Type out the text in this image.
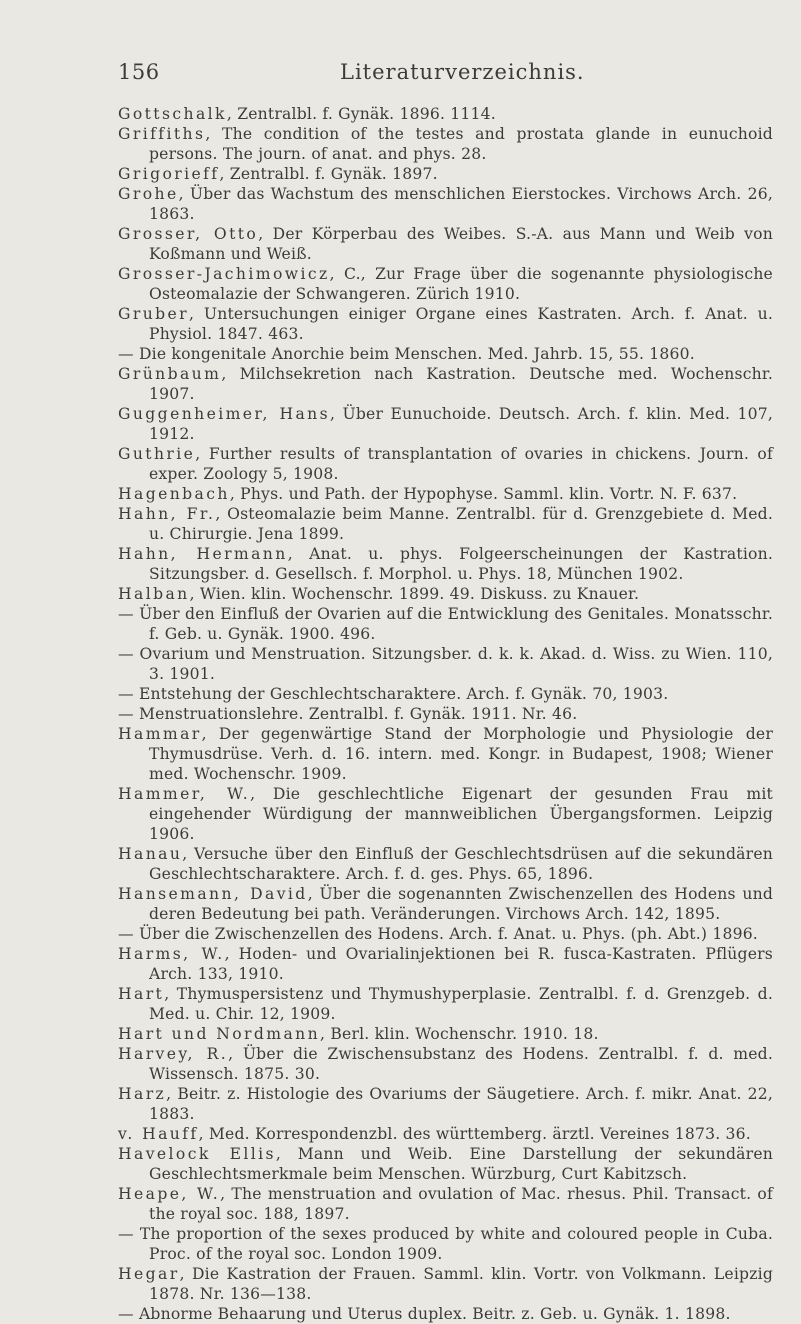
156	Literaturverzeichnis.

Gottschalk, Zentralbl. f. Gynäk. 1896. 1114.

Griffiths, The condition of the testes and prostata glande in eunuchoid persons. The journ. of anat. and phys. 28.

Grigorieff, Zentralbl. f. Gynäk. 1897.

Grohe, Über das Wachstum des menschlichen Eierstockes. Virchows Arch. 26, 1863.

Grosser, Otto, Der Körperbau des Weibes. S.-A. aus Mann und Weib von Koßmann und Weiß.

Grosser-Jachimowicz, C., Zur Frage über die sogenannte physiologische Osteomalazie der Schwangeren. Zürich 1910.

Gruber, Untersuchungen einiger Organe eines Kastraten. Arch. f. Anat. u. Physiol. 1847. 463.

— Die kongenitale Anorchie beim Menschen. Med. Jahrb. 15, 55. 1860.

Grünbaum, Milchsekretion nach Kastration. Deutsche med. Wochenschr. 1907.

Guggenheimer, Hans, Über Eunuchoide. Deutsch. Arch. f. klin. Med. 107, 1912.

Guthrie, Further results of transplantation of ovaries in chickens. Journ. of exper. Zoology 5, 1908.

Hagenbach, Phys. und Path. der Hypophyse. Samml. klin. Vortr. N. F. 637.

Hahn, Fr., Osteomalazie beim Manne. Zentralbl. für d. Grenzgebiete d. Med. u. Chirurgie. Jena 1899.

Hahn, Hermann, Anat. u. phys. Folgeerscheinungen der Kastration. Sitzungsber. d. Gesellsch. f. Morphol. u. Phys. 18, München 1902.

Halban, Wien. klin. Wochenschr. 1899. 49. Diskuss. zu Knauer.

— Über den Einfluß der Ovarien auf die Entwicklung des Genitales. Monatsschr. f. Geb. u. Gynäk. 1900. 496.

— Ovarium und Menstruation. Sitzungsber. d. k. k. Akad. d. Wiss. zu Wien. 110, 3. 1901.

— Entstehung der Geschlechtscharaktere. Arch. f. Gynäk. 70, 1903.

— Menstruationslehre. Zentralbl. f. Gynäk. 1911. Nr. 46.

Hammar, Der gegenwärtige Stand der Morphologie und Physiologie der Thymusdrüse. Verh. d. 16. intern. med. Kongr. in Budapest, 1908; Wiener med. Wochenschr. 1909.

Hammer, W., Die geschlechtliche Eigenart der gesunden Frau mit eingehender Würdigung der mannweiblichen Übergangsformen. Leipzig 1906.

Hanau, Versuche über den Einfluß der Geschlechtsdrüsen auf die sekundären Geschlechtscharaktere. Arch. f. d. ges. Phys. 65, 1896.

Hansemann, David, Über die sogenannten Zwischenzellen des Hodens und deren Bedeutung bei path. Veränderungen. Virchows Arch. 142, 1895.

— Über die Zwischenzellen des Hodens. Arch. f. Anat. u. Phys. (ph. Abt.) 1896.

Harms, W., Hoden- und Ovarialinjektionen bei R. fusca-Kastraten. Pflügers Arch. 133, 1910.

Hart, Thymuspersistenz und Thymushyperplasie. Zentralbl. f. d. Grenzgeb. d. Med. u. Chir. 12, 1909.

Hart und Nordmann, Berl. klin. Wochenschr. 1910. 18.

Harvey, R., Über die Zwischensubstanz des Hodens. Zentralbl. f. d. med. Wissensch. 1875. 30.

Harz, Beitr. z. Histologie des Ovariums der Säugetiere. Arch. f. mikr. Anat. 22, 1883.

v. Hauff, Med. Korrespondenzbl. des württemberg. ärztl. Vereines 1873. 36.

Havelock Ellis, Mann und Weib. Eine Darstellung der sekundären Geschlechtsmerkmale beim Menschen. Würzburg, Curt Kabitzsch.

Heape, W., The menstruation and ovulation of Mac. rhesus. Phil. Transact. of the royal soc. 188, 1897.

— The proportion of the sexes produced by white and coloured people in Cuba. Proc. of the royal soc. London 1909.

Hegar, Die Kastration der Frauen. Samml. klin. Vortr. von Volkmann. Leipzig 1878. Nr. 136—138.

— Abnorme Behaarung und Uterus duplex. Beitr. z. Geb. u. Gynäk. 1. 1898.
